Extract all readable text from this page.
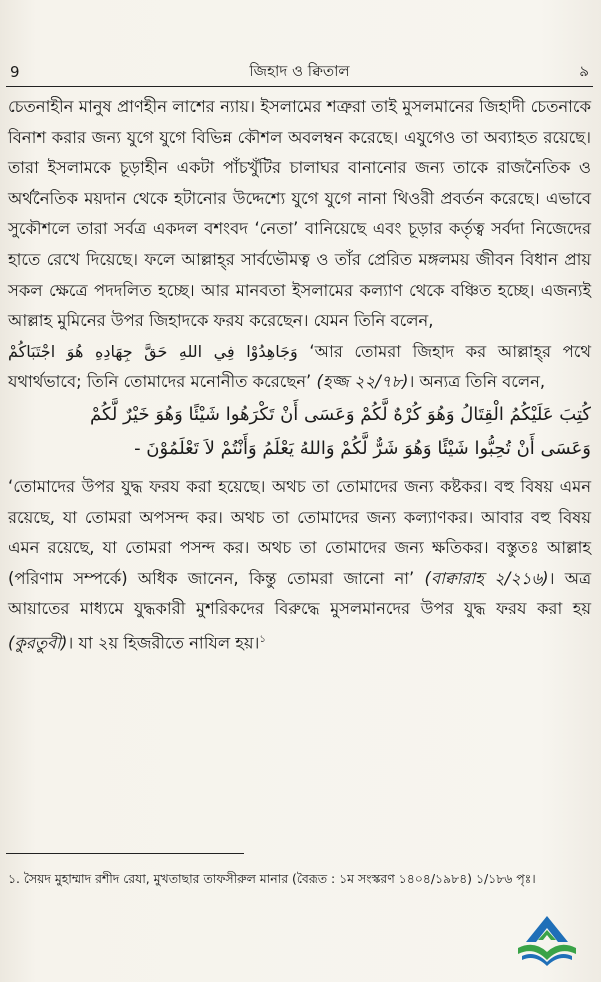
9	জিহাদ ও ক্বিতাল	৯

চেতনাহীন মানুষ প্রাণহীন লাশের ন্যায়। ইসলামের শত্রুরা তাই মুসলমানের জিহাদী চেতনাকে বিনাশ করার জন্য যুগে যুগে বিভিন্ন কৌশল অবলম্বন করেছে। এযুগেও তা অব্যাহত রয়েছে। তারা ইসলামকে চূড়াহীন একটা পাঁচখুঁটির চালাঘর বানানোর জন্য তাকে রাজনৈতিক ও অর্থনৈতিক ময়দান থেকে হটানোর উদ্দেশ্যে যুগে যুগে নানা থিওরী প্রবর্তন করেছে। এভাবে সুকৌশলে তারা সর্বত্র একদল বশংবদ ‘নেতা’ বানিয়েছে এবং চূড়ার কর্তৃত্ব সর্বদা নিজেদের হাতে রেখে দিয়েছে। ফলে আল্লাহ্‌র সার্বভৌমত্ব ও তাঁর প্রেরিত মঙ্গলময় জীবন বিধান প্রায় সকল ক্ষেত্রে পদদলিত হচ্ছে। আর মানবতা ইসলামের কল্যাণ থেকে বঞ্চিত হচ্ছে। এজন্যই আল্লাহ মুমিনের উপর জিহাদকে ফরয করেছেন। যেমন তিনি বলেন,

وَجَاهِدُوْا فِي اللهِ حَقَّ جِهَادِهِ هُوَ اجْتَبَاكُمْ ‘আর তোমরা জিহাদ কর আল্লাহ্‌র পথে যথার্থভাবে; তিনি তোমাদের মনোনীত করেছেন’ (হজ্জ ২২/৭৮)। অন্যত্র তিনি বলেন,

كُتِبَ عَلَيْكُمُ الْقِتَالُ وَهُوَ كُرْهٌ لَّكُمْ وَعَسَى أَنْ تَكْرَهُوا شَيْئًا وَهُوَ خَيْرٌ لَّكُمْ
وَعَسَى أَنْ تُحِبُّوا شَيْئًا وَهُوَ شَرٌّ لَّكُمْ وَاللهُ يَعْلَمُ وَأَنْتُمْ لاَ تَعْلَمُوْنَ -

‘তোমাদের উপর যুদ্ধ ফরয করা হয়েছে। অথচ তা তোমাদের জন্য কষ্টকর। বহু বিষয় এমন রয়েছে, যা তোমরা অপসন্দ কর। অথচ তা তোমাদের জন্য কল্যাণকর। আবার বহু বিষয় এমন রয়েছে, যা তোমরা পসন্দ কর। অথচ তা তোমাদের জন্য ক্ষতিকর। বস্তুতঃ আল্লাহ (পরিণাম সম্পর্কে) অধিক জানেন, কিন্তু তোমরা জানো না’ (বাক্বারাহ ২/২১৬)। অত্র আয়াতের মাধ্যমে যুদ্ধকারী মুশরিকদের বিরুদ্ধে মুসলমানদের উপর যুদ্ধ ফরয করা হয় (কুরতুবী)। যা ২য় হিজরীতে নাযিল হয়।$^১$

১. সৈয়দ মুহাম্মাদ রশীদ রেযা, মুখতাছার তাফসীরুল মানার (বৈরূত : ১ম সংস্করণ ১৪০৪/১৯৮৪) ১/১৮৬ পৃঃ।
